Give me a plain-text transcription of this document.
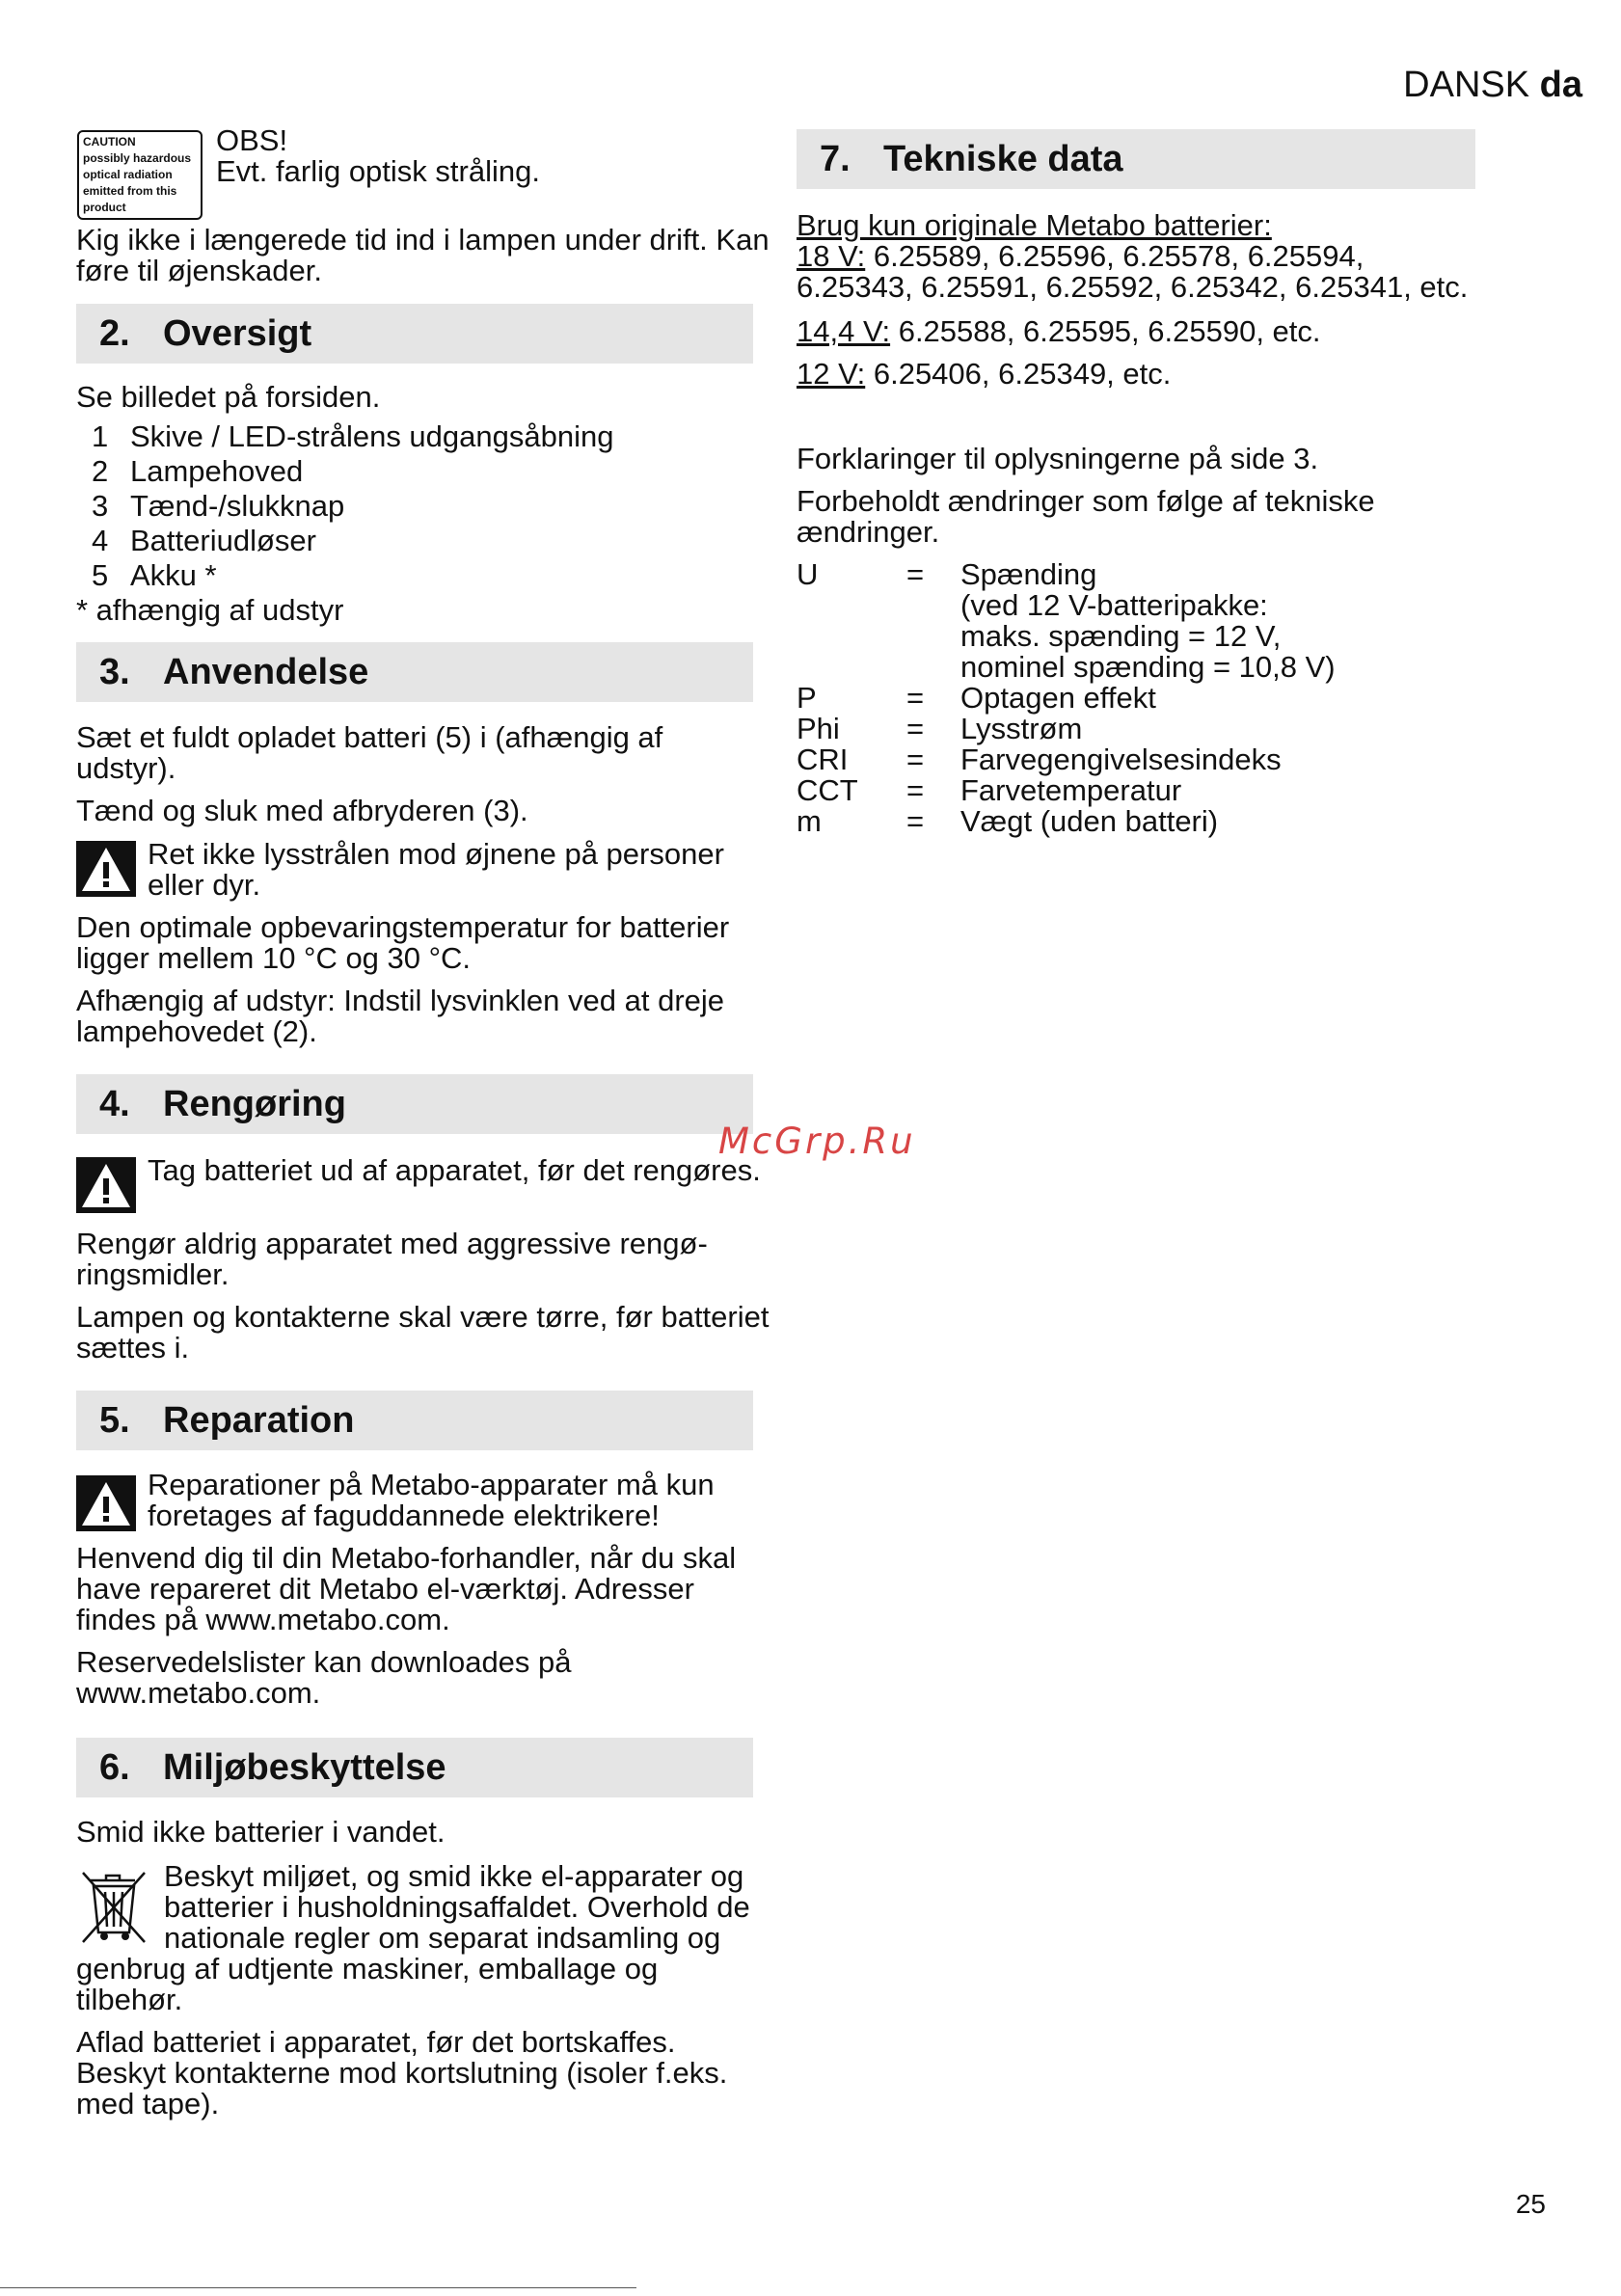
DANSK da
CAUTION
possibly hazardous
optical radiation
emitted from this
product
OBS!
Evt. farlig optisk stråling.
Kig ikke i længerede tid ind i lampen under drift. Kan
føre til øjenskader.
2. Oversigt
Se billedet på forsiden.
1 Skive / LED-strålens udgangsåbning
2 Lampehoved
3 Tænd-/slukknap
4 Batteriudløser
5 Akku *
* afhængig af udstyr
3. Anvendelse
Sæt et fuldt opladet batteri (5) i (afhængig af
udstyr).
Tænd og sluk med afbryderen (3).
Ret ikke lysstrålen mod øjnene på personer
eller dyr.
Den optimale opbevaringstemperatur for batterier
ligger mellem 10 °C og 30 °C.
Afhængig af udstyr: Indstil lysvinklen ved at dreje
lampehovedet (2).
4. Rengøring
Tag batteriet ud af apparatet, før det rengøres.
Rengør aldrig apparatet med aggressive rengø-
ringsmidler.
Lampen og kontakterne skal være tørre, før batteriet
sættes i.
5. Reparation
Reparationer på Metabo-apparater må kun
foretages af faguddannede elektrikere!
Henvend dig til din Metabo-forhandler, når du skal
have repareret dit Metabo el-værktøj. Adresser
findes på www.metabo.com.
Reservedelslister kan downloades på
www.metabo.com.
6. Miljøbeskyttelse
Smid ikke batterier i vandet.
Beskyt miljøet, og smid ikke el-apparater og
batterier i husholdningsaffaldet. Overhold de
nationale regler om separat indsamling og
genbrug af udtjente maskiner, emballage og
tilbehør.
Aflad batteriet i apparatet, før det bortskaffes.
Beskyt kontakterne mod kortslutning (isoler f.eks.
med tape).
7. Tekniske data
Brug kun originale Metabo batterier:
18 V: 6.25589, 6.25596, 6.25578, 6.25594,
6.25343, 6.25591, 6.25592, 6.25342, 6.25341, etc.
14,4 V: 6.25588, 6.25595, 6.25590, etc.
12 V: 6.25406, 6.25349, etc.
Forklaringer til oplysningerne på side 3.
Forbeholdt ændringer som følge af tekniske
ændringer.
U	= Spænding
(ved 12 V-batteripakke:
maks. spænding = 12 V,
nominel spænding = 10,8 V)
P	= Optagen effekt
Phi = Lysstrøm
CRI = Farvegengivelsesindeks
CCT = Farvetemperatur
m	= Vægt (uden batteri)
McGrp.Ru
25
